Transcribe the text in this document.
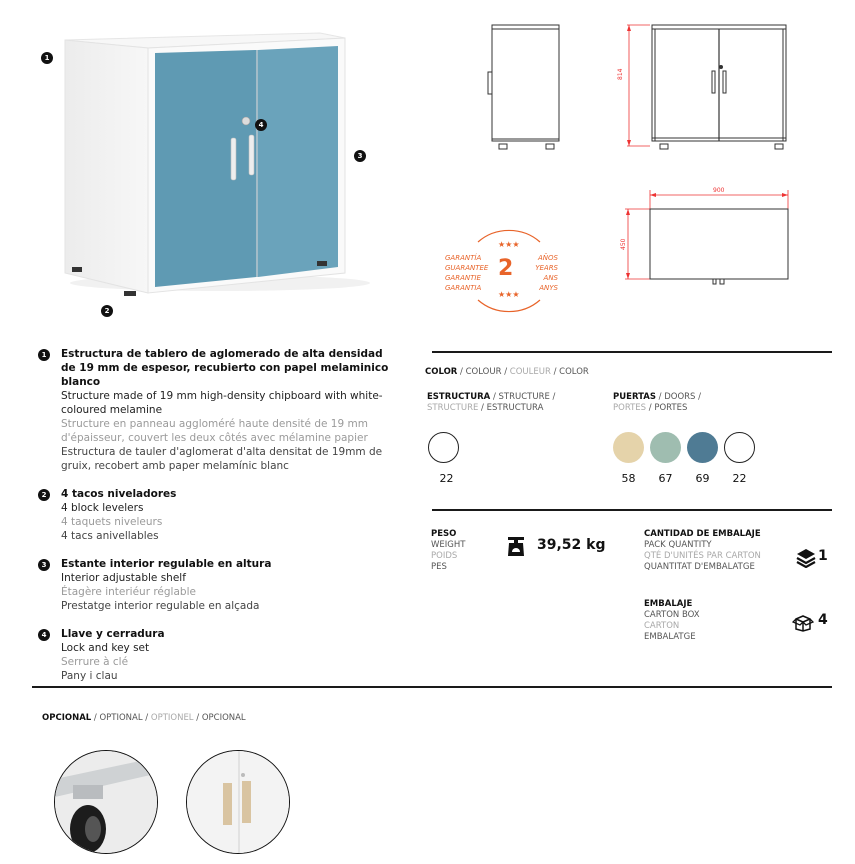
1
2
3
4
814
900
450
★★★
★★★
2
GARANTÍA
GUARANTEE
GARANTIE
GARANTIA
AÑOS
YEARS
ANS
ANYS
1	Estructura de tablero de aglomerado de alta densidad de 19 mm de espesor, recubierto con papel melaminico blanco
Structure made of 19 mm high-density chipboard with white-coloured melamine
Structure en panneau aggloméré haute densité de 19 mm d'épaisseur, couvert les deux côtés avec mélamine papier
Estructura de tauler d'aglomerat d'alta densitat de 19mm de gruix, recobert amb paper melamínic blanc
2	4 tacos niveladores
4 block levelers
4 taquets niveleurs
4 tacs anivellables
3	Estante interior regulable en altura
Interior adjustable shelf
Étagère interiéur réglable
Prestatge interior regulable en alçada
4	Llave y cerradura
Lock and key set
Serrure à clé
Pany i clau
COLOR / COLOUR / COULEUR / COLOR
ESTRUCTURA / STRUCTURE /
STRUCTURE / ESTRUCTURA
22
PUERTAS / DOORS /
PORTES / PORTES
58	67	69	22
PESO
WEIGHT
POIDS
PES
39,52 kg
CANTIDAD DE EMBALAJE
PACK QUANTITY
QTÉ D'UNITÉS PAR CARTON
QUANTITAT D'EMBALATGE
1
EMBALAJE
CARTON BOX
CARTON
EMBALATGE
4
OPCIONAL / OPTIONAL / OPTIONEL / OPCIONAL
